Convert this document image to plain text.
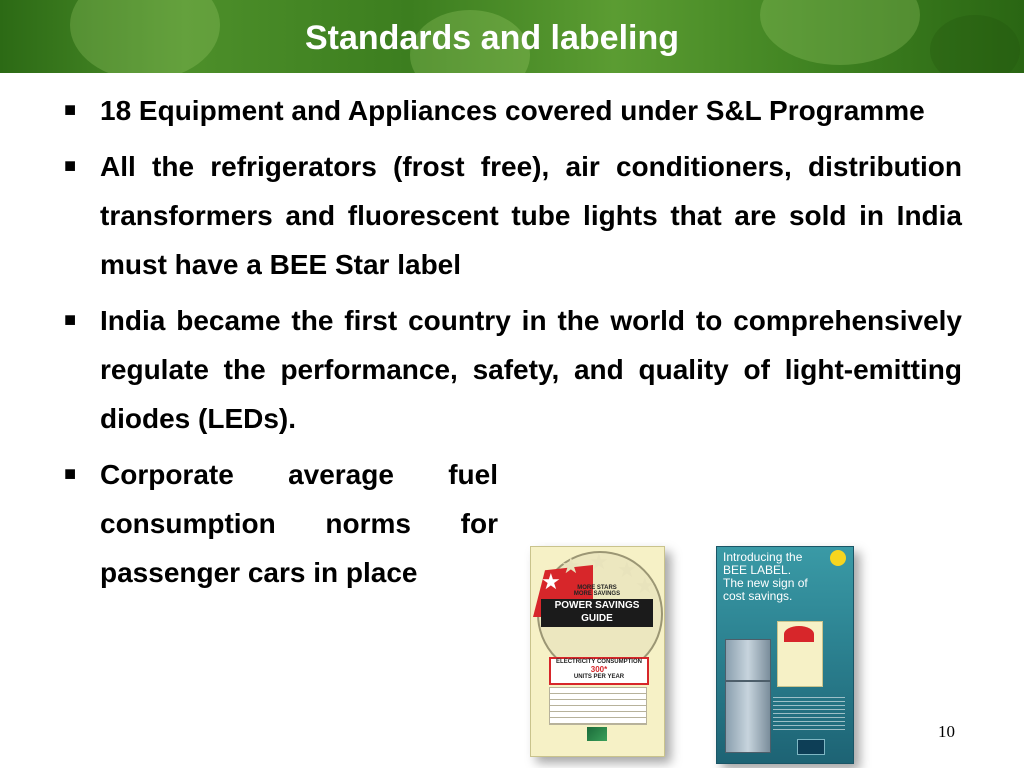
Standards and labeling
■ 18 Equipment and Appliances covered under S&L Programme
■ All the refrigerators (frost free), air conditioners, distribution transformers and fluorescent tube lights that are sold in India must have a BEE Star label
■ India became the first country in the world to comprehensively regulate the performance, safety, and quality of light-emitting diodes (LEDs).
■ Corporate average fuel consumption norms for passenger cars in place	★
★ ★ ★
★
MORE STARS MORE SAVINGS
POWER SAVINGS GUIDE
ELECTRICITY CONSUMPTION
300*
UNITS PER YEAR
Introducing the
BEE LABEL.
The new sign of
cost savings.
10
